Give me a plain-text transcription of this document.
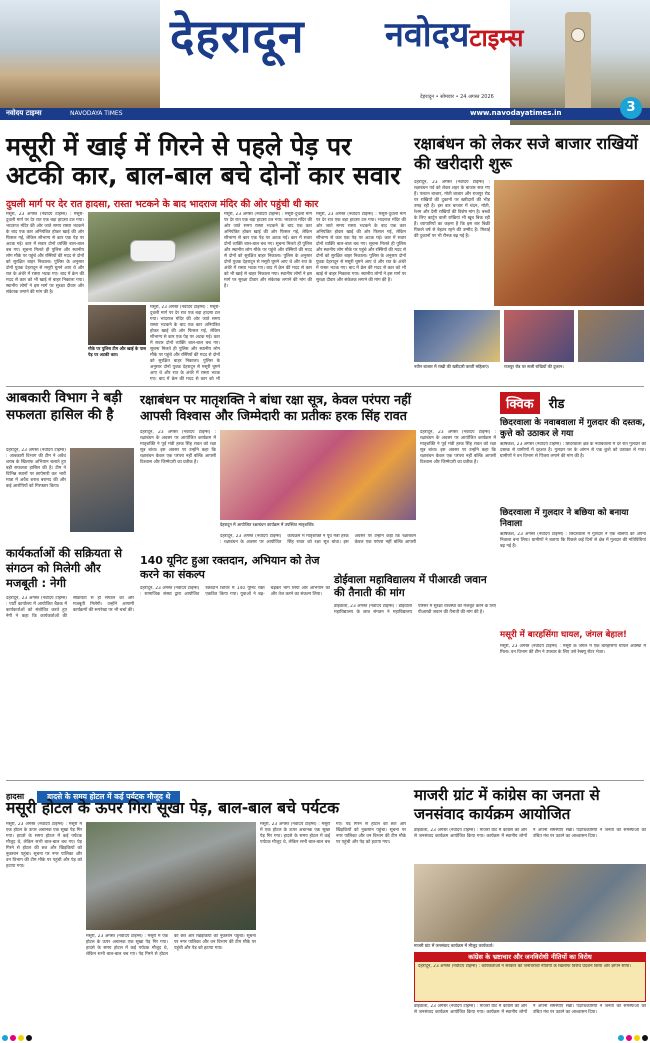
देहरादून नवोदयटाइम्स
देहरादून • सोमवार • 24 अगस्त 2026
नवोदय टाइम्स	NAVODAYA TIMES	www.navodayatimes.in	3
मसूरी में खाई में गिरने से पहले पेड़ पर
अटकी कार, बाल-बाल बचे दोनों कार सवार
दुघली मार्ग पर देर रात हादसा, रास्ता भटकने के बाद भादराज मंदिर की ओर पहुंची थी कार
मसूरी, 23 अगस्त (नवोदय टाइम्स) : मसूरी-दुधली मार्ग पर देर रात एक बड़ा हादसा टल गया। भादराज मंदिर की ओर जाते समय रास्ता भटकने के बाद एक कार अनियंत्रित होकर खाई की ओर फिसल गई, लेकिन सौभाग्य से कार एक पेड़ पर अटक गई। कार में सवार दोनों व्यक्ति बाल-बाल बच गए। सूचना मिलते ही पुलिस और स्थानीय लोग मौके पर पहुंचे और रस्सियों की मदद से दोनों को सुरक्षित बाहर निकाला। पुलिस के अनुसार दोनों युवक देहरादून से मसूरी घूमने आए थे और रात के अंधेरे में रास्ता भटक गए। बाद में क्रेन की मदद से कार को भी खाई से बाहर निकाला गया। स्थानीय लोगों ने इस मार्ग पर सुरक्षा दीवार और संकेतक लगाने की मांग की है।
मौके पर पुलिस टीम और खाई के पास पेड़ पर अटकी कार।
मसूरी, 23 अगस्त (नवोदय टाइम्स) : मसूरी-दुधली मार्ग पर देर रात एक बड़ा हादसा टल गया। भादराज मंदिर की ओर जाते समय रास्ता भटकने के बाद एक कार अनियंत्रित होकर खाई की ओर फिसल गई, लेकिन सौभाग्य से कार एक पेड़ पर अटक गई। कार में सवार दोनों व्यक्ति बाल-बाल बच गए। सूचना मिलते ही पुलिस और स्थानीय लोग मौके पर पहुंचे और रस्सियों की मदद से दोनों को सुरक्षित बाहर निकाला। पुलिस के अनुसार दोनों युवक देहरादून से मसूरी घूमने आए थे और रात के अंधेरे में रास्ता भटक गए। बाद में क्रेन की मदद से कार को भी
मसूरी, 23 अगस्त (नवोदय टाइम्स) : मसूरी-दुधली मार्ग पर देर रात एक बड़ा हादसा टल गया। भादराज मंदिर की ओर जाते समय रास्ता भटकने के बाद एक कार अनियंत्रित होकर खाई की ओर फिसल गई, लेकिन सौभाग्य से कार एक पेड़ पर अटक गई। कार में सवार दोनों व्यक्ति बाल-बाल बच गए। सूचना मिलते ही पुलिस और स्थानीय लोग मौके पर पहुंचे और रस्सियों की मदद से दोनों को सुरक्षित बाहर निकाला। पुलिस के अनुसार दोनों युवक देहरादून से मसूरी घूमने आए थे और रात के अंधेरे में रास्ता भटक गए। बाद में क्रेन की मदद से कार को भी खाई से बाहर निकाला गया। स्थानीय लोगों ने इस मार्ग पर सुरक्षा दीवार और संकेतक लगाने की मांग की है।
मसूरी, 23 अगस्त (नवोदय टाइम्स) : मसूरी-दुधली मार्ग पर देर रात एक बड़ा हादसा टल गया। भादराज मंदिर की ओर जाते समय रास्ता भटकने के बाद एक कार अनियंत्रित होकर खाई की ओर फिसल गई, लेकिन सौभाग्य से कार एक पेड़ पर अटक गई। कार में सवार दोनों व्यक्ति बाल-बाल बच गए। सूचना मिलते ही पुलिस और स्थानीय लोग मौके पर पहुंचे और रस्सियों की मदद से दोनों को सुरक्षित बाहर निकाला। पुलिस के अनुसार दोनों युवक देहरादून से मसूरी घूमने आए थे और रात के अंधेरे में रास्ता भटक गए। बाद में क्रेन की मदद से कार को भी खाई से बाहर निकाला गया। स्थानीय लोगों ने इस मार्ग पर सुरक्षा दीवार और संकेतक लगाने की मांग की है।
रक्षाबंधन को लेकर सजे बाजार राखियों की खरीदारी शुरू
देहरादून, 23 अगस्त (नवोदय टाइम्स) : रक्षाबंधन पर्व को लेकर शहर के बाजार सज गए हैं। पलटन बाजार, मोती बाजार और राजपुर रोड पर राखियों की दुकानों पर खरीदारों की भीड़ उमड़ रही है। इस बार बाजार में चंदन, मोती, रेशम और देसी राखियों की विशेष मांग है। बच्चों के लिए कार्टून वाली राखियां भी खूब बिक रही हैं। व्यापारियों का कहना है कि इस बार बिक्री पिछले वर्ष से बेहतर रहने की उम्मीद है। मिठाई की दुकानों पर भी रौनक बढ़ गई है।
नवीन बाजार में राखी की खरीदारी करतीं महिलाएं।	राजपुर रोड पर सजी राखियों की दुकान।
आबकारी विभाग ने बड़ी सफलता हासिल की है
देहरादून, 23 अगस्त (नवोदय टाइम्स) : आबकारी विभाग की टीम ने अवैध शराब के खिलाफ अभियान चलाते हुए बड़ी सफलता हासिल की है। टीम ने विभिन्न स्थानों पर छापेमारी कर भारी मात्रा में अवैध शराब बरामद की और कई आरोपियों को गिरफ्तार किया।
रक्षाबंधन पर मातृशक्ति ने बांधा रक्षा सूत्र, केवल परंपरा नहीं
आपसी विश्वास और जिम्मेदारी का प्रतीकः हरक सिंह रावत
देहरादून, 23 अगस्त (नवोदय टाइम्स) : रक्षाबंधन के अवसर पर आयोजित कार्यक्रम में मातृशक्ति ने पूर्व मंत्री हरक सिंह रावत को रक्षा सूत्र बांधा। इस अवसर पर उन्होंने कहा कि रक्षाबंधन केवल एक परंपरा नहीं बल्कि आपसी विश्वास और जिम्मेदारी का प्रतीक है।
देहरादून में आयोजित रक्षाबंधन कार्यक्रम में उपस्थित मातृशक्ति।
देहरादून, 23 अगस्त (नवोदय टाइम्स) : रक्षाबंधन के अवसर पर आयोजित कार्यक्रम में मातृशक्ति ने पूर्व मंत्री हरक सिंह रावत को रक्षा सूत्र बांधा। इस अवसर पर उन्होंने कहा कि रक्षाबंधन केवल एक परंपरा नहीं बल्कि आपसी विश्वास और जिम्मेदारी का प्रतीक है।
देहरादून, 23 अगस्त (नवोदय टाइम्स) : रक्षाबंधन के अवसर पर आयोजित कार्यक्रम में मातृशक्ति ने पूर्व मंत्री हरक सिंह रावत को रक्षा सूत्र बांधा। इस अवसर पर उन्होंने कहा कि रक्षाबंधन केवल एक परंपरा नहीं बल्कि आपसी
कार्यकर्ताओं की सक्रियता से संगठन को मिलेगी और मजबूती : नेगी
देहरादून, 23 अगस्त (नवोदय टाइम्स) : पार्टी कार्यालय में आयोजित बैठक में कार्यकर्ताओं को संबोधित करते हुए नेगी ने कहा कि कार्यकर्ताओं की सक्रियता से ही संगठन को और मजबूती मिलेगी। उन्होंने आगामी कार्यक्रमों की रूपरेखा पर भी चर्चा की।
140 यूनिट हुआ रक्तदान, अभियान को तेज करने का संकल्प
देहरादून, 23 अगस्त (नवोदय टाइम्स) : सामाजिक संस्था द्वारा आयोजित रक्तदान शिविर में 140 यूनिट रक्त एकत्रित किया गया। युवाओं ने बढ़-चढ़कर भाग लिया और अभियान को और तेज करने का संकल्प लिया।
डोईवाला महाविद्यालय में पीआरडी जवान की तैनाती की मांग
डोईवाला, 23 अगस्त (नवोदय टाइम्स) : डोईवाला महाविद्यालय के छात्र संगठन ने महाविद्यालय परिसर में सुरक्षा व्यवस्था को मजबूत करने के लिए पीआरडी जवान की तैनाती की मांग की है।
क्विक रीड
छिदरवाला के नवाबवाला में गुलदार की दस्तक, कुत्ते को उठाकर ले गया
ऋषिकेश, 23 अगस्त (नवोदय टाइम्स) : छिदरवाला क्षेत्र के नवाबवाला में देर रात गुलदार की दस्तक से ग्रामीणों में दहशत है। गुलदार घर के आंगन से एक कुत्ते को उठाकर ले गया। ग्रामीणों ने वन विभाग से पिंजरा लगाने की मांग की है।
छिदरवाला में गुलदार ने बछिया को बनाया निवाला
ऋषिकेश, 23 अगस्त (नवोदय टाइम्स) : छिदरवाला में गुलदार ने एक बछिया को अपना निवाला बना लिया। ग्रामीणों ने बताया कि पिछले कई दिनों से क्षेत्र में गुलदार की गतिविधियां बढ़ गई हैं।
मसूरी में बारहसिंगा घायल, जंगल बेहाल!
मसूरी, 23 अगस्त (नवोदय टाइम्स) : मसूरी के जंगल में एक बारहसिंगा घायल अवस्था में मिला। वन विभाग की टीम ने उपचार के लिए उसे रेस्क्यू सेंटर भेजा।
हादसा	हादसे के समय होटल में कई पर्यटक मौजूद थे
मसूरी होटल के ऊपर गिरा सूखा पेड़, बाल-बाल बचे पर्यटक
मसूरी, 23 अगस्त (नवोदय टाइम्स) : मसूरी में एक होटल के ऊपर अचानक एक सूखा पेड़ गिर गया। हादसे के समय होटल में कई पर्यटक मौजूद थे, लेकिन सभी बाल-बाल बच गए। पेड़ गिरने से होटल की छत और खिड़कियों को नुकसान पहुंचा। सूचना पर नगर पालिका और वन विभाग की टीम मौके पर पहुंची और पेड़ को हटाया गया।
मसूरी, 23 अगस्त (नवोदय टाइम्स) : मसूरी में एक होटल के ऊपर अचानक एक सूखा पेड़ गिर गया। हादसे के समय होटल में कई पर्यटक मौजूद थे, लेकिन सभी बाल-बाल बच गए। पेड़ गिरने से होटल की छत और खिड़कियों को नुकसान पहुंचा। सूचना पर नगर पालिका और वन विभाग की टीम मौके पर पहुंची और पेड़ को हटाया गया।
मसूरी, 23 अगस्त (नवोदय टाइम्स) : मसूरी में एक होटल के ऊपर अचानक एक सूखा पेड़ गिर गया। हादसे के समय होटल में कई पर्यटक मौजूद थे, लेकिन सभी बाल-बाल बच गए। पेड़ गिरने से होटल की छत और खिड़कियों को नुकसान पहुंचा। सूचना पर नगर पालिका और वन विभाग की टीम मौके पर पहुंची और पेड़ को हटाया गया।
माजरी ग्रांट में कांग्रेस का जनता से जनसंवाद कार्यक्रम आयोजित
डोईवाला, 23 अगस्त (नवोदय टाइम्स) : माजरी ग्रांट में कांग्रेस की ओर से जनसंवाद कार्यक्रम आयोजित किया गया। कार्यक्रम में स्थानीय लोगों ने अपनी समस्याएं रखीं। पदाधिकारियों ने जनता की समस्याओं को उचित मंच पर उठाने का आश्वासन दिया।
माजरी ग्रांट में जनसंवाद कार्यक्रम में मौजूद कार्यकर्ता।
कांग्रेस के भ्रष्टाचार और जनविरोधी नीतियों का विरोध
देहरादून, 23 अगस्त (नवोदय टाइम्स) : कार्यकर्ताओं ने सरकार की जनविरोधी नीतियों के खिलाफ विरोध प्रदर्शन किया और ज्ञापन सौंपा।
डोईवाला, 23 अगस्त (नवोदय टाइम्स) : माजरी ग्रांट में कांग्रेस की ओर से जनसंवाद कार्यक्रम आयोजित किया गया। कार्यक्रम में स्थानीय लोगों ने अपनी समस्याएं रखीं। पदाधिकारियों ने जनता की समस्याओं को उचित मंच पर उठाने का आश्वासन दिया।
